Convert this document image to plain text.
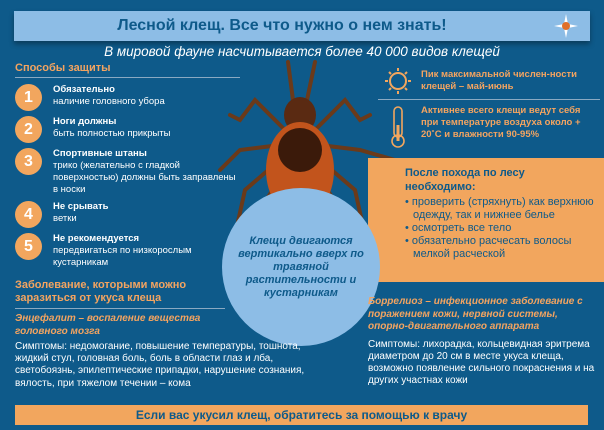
Лесной клещ. Все что нужно о нем знать!
В мировой фауне насчитывается более 40 000 видов клещей
Способы защиты
1	Обязательно
наличие головного убора
2	Ноги должны
быть полностью прикрыты
3	Спортивные штаны
трико (желательно с гладкой поверхностью) должны быть заправлены в носки
4	Не срывать
ветки
5	Не рекомендуется
передвигаться по низкорослым кустарникам
Пик максимальной числен-ности клещей – май-июнь
Активнее всего клещи ведут себя при температуре воздуха около + 20˚C и влажности 90-95%
После похода по лесу необходимо:
• проверить (стряхнуть) как верхнюю одежду, так и нижнее белье
• осмотреть все тело
• обязательно расчесать волосы мелкой расческой
Клещи двигаются вертикально вверх по травяной растительности и кустарникам
Заболевание, которыми можно заразиться от укуса клеща
Энцефалит – воспаление вещества головного мозга
Симптомы: недомогание, повышение температуры, тошнота, жидкий стул, головная боль, боль в области глаз и лба, светобоязнь, эпилептические припадки, нарушение сознания, вялость, при тяжелом течении – кома
Боррелиоз – инфекционное заболевание с поражением кожи, нервной системы, опорно-двигательного аппарата
Симптомы: лихорадка, кольцевидная эритрема диаметром до 20 см в месте укуса клеща, возможно появление сильного покраснения и на других участнах кожи
Если вас укусил клещ, обратитесь за помощью к врачу
